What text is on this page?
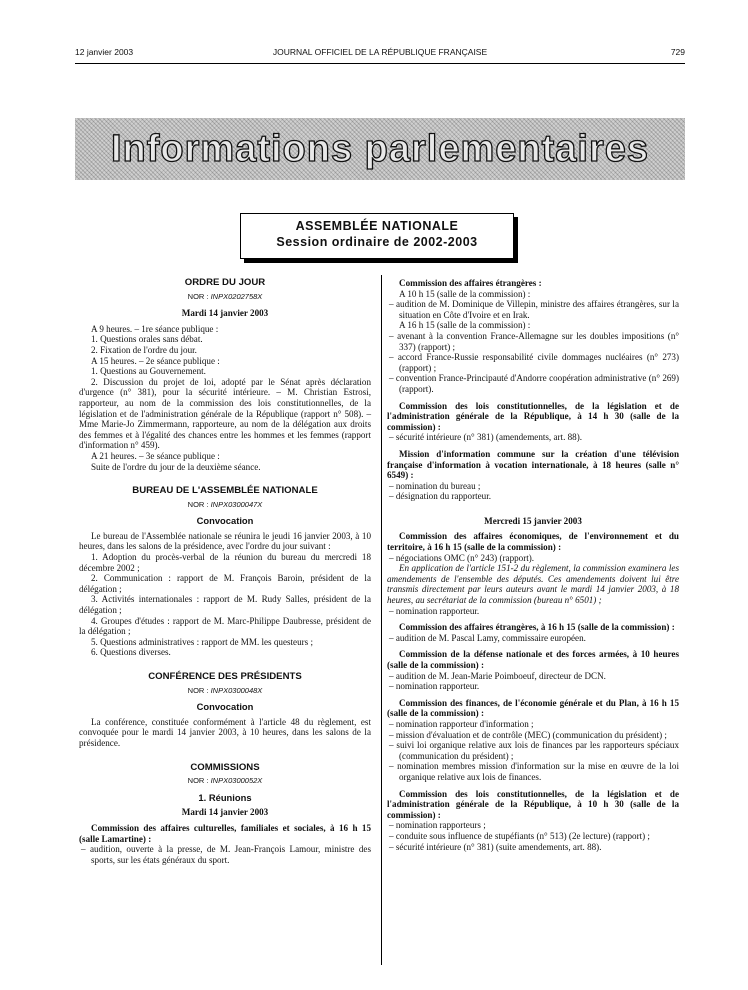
12 janvier 2003	JOURNAL OFFICIEL DE LA RÉPUBLIQUE FRANÇAISE	729
Informations parlementaires
ASSEMBLÉE NATIONALE
Session ordinaire de 2002-2003
ORDRE DU JOUR
NOR : INPX0202758X
Mardi 14 janvier 2003

A 9 heures. – 1re séance publique :

1. Questions orales sans débat.

2. Fixation de l'ordre du jour.

A 15 heures. – 2e séance publique :

1. Questions au Gouvernement.

2. Discussion du projet de loi, adopté par le Sénat après déclaration d'urgence (n° 381), pour la sécurité intérieure. – M. Christian Estrosi, rapporteur, au nom de la commission des lois constitutionnelles, de la législation et de l'administration générale de la République (rapport n° 508). – Mme Marie-Jo Zimmermann, rapporteure, au nom de la délégation aux droits des femmes et à l'égalité des chances entre les hommes et les femmes (rapport d'information n° 459).

A 21 heures. – 3e séance publique :

Suite de l'ordre du jour de la deuxième séance.

BUREAU DE L'ASSEMBLÉE NATIONALE
NOR : INPX0300047X
Convocation

Le bureau de l'Assemblée nationale se réunira le jeudi 16 janvier 2003, à 10 heures, dans les salons de la présidence, avec l'ordre du jour suivant :

1. Adoption du procès-verbal de la réunion du bureau du mercredi 18 décembre 2002 ;

2. Communication : rapport de M. François Baroin, président de la délégation ;

3. Activités internationales : rapport de M. Rudy Salles, président de la délégation ;

4. Groupes d'études : rapport de M. Marc-Philippe Daubresse, président de la délégation ;

5. Questions administratives : rapport de MM. les questeurs ;

6. Questions diverses.

CONFÉRENCE DES PRÉSIDENTS
NOR : INPX0300048X
Convocation

La conférence, constituée conformément à l'article 48 du règlement, est convoquée pour le mardi 14 janvier 2003, à 10 heures, dans les salons de la présidence.

COMMISSIONS
NOR : INPX0300052X
1. Réunions
Mardi 14 janvier 2003

Commission des affaires culturelles, familiales et sociales, à 16 h 15 (salle Lamartine) :

– audition, ouverte à la presse, de M. Jean-François Lamour, ministre des sports, sur les états généraux du sport.

Commission des affaires étrangères :

A 10 h 15 (salle de la commission) :

– audition de M. Dominique de Villepin, ministre des affaires étrangères, sur la situation en Côte d'Ivoire et en Irak.

A 16 h 15 (salle de la commission) :

– avenant à la convention France-Allemagne sur les doubles impositions (n° 337) (rapport) ;

– accord France-Russie responsabilité civile dommages nucléaires (n° 273) (rapport) ;

– convention France-Principauté d'Andorre coopération administrative (n° 269) (rapport).

Commission des lois constitutionnelles, de la législation et de l'administration générale de la République, à 14 h 30 (salle de la commission) :

– sécurité intérieure (n° 381) (amendements, art. 88).

Mission d'information commune sur la création d'une télévision française d'information à vocation internationale, à 18 heures (salle n° 6549) :

– nomination du bureau ;

– désignation du rapporteur.

Mercredi 15 janvier 2003

Commission des affaires économiques, de l'environnement et du territoire, à 16 h 15 (salle de la commission) :

– négociations OMC (n° 243) (rapport).

En application de l'article 151-2 du règlement, la commission examinera les amendements de l'ensemble des députés. Ces amendements doivent lui être transmis directement par leurs auteurs avant le mardi 14 janvier 2003, à 18 heures, au secrétariat de la commission (bureau n° 6501) ;

– nomination rapporteur.

Commission des affaires étrangères, à 16 h 15 (salle de la commission) :

– audition de M. Pascal Lamy, commissaire européen.

Commission de la défense nationale et des forces armées, à 10 heures (salle de la commission) :

– audition de M. Jean-Marie Poimboeuf, directeur de DCN.

– nomination rapporteur.

Commission des finances, de l'économie générale et du Plan, à 16 h 15 (salle de la commission) :

– nomination rapporteur d'information ;

– mission d'évaluation et de contrôle (MEC) (communication du président) ;

– suivi loi organique relative aux lois de finances par les rapporteurs spéciaux (communication du président) ;

– nomination membres mission d'information sur la mise en œuvre de la loi organique relative aux lois de finances.

Commission des lois constitutionnelles, de la législation et de l'administration générale de la République, à 10 h 30 (salle de la commission) :

– nomination rapporteurs ;

– conduite sous influence de stupéfiants (n° 513) (2e lecture) (rapport) ;

– sécurité intérieure (n° 381) (suite amendements, art. 88).
